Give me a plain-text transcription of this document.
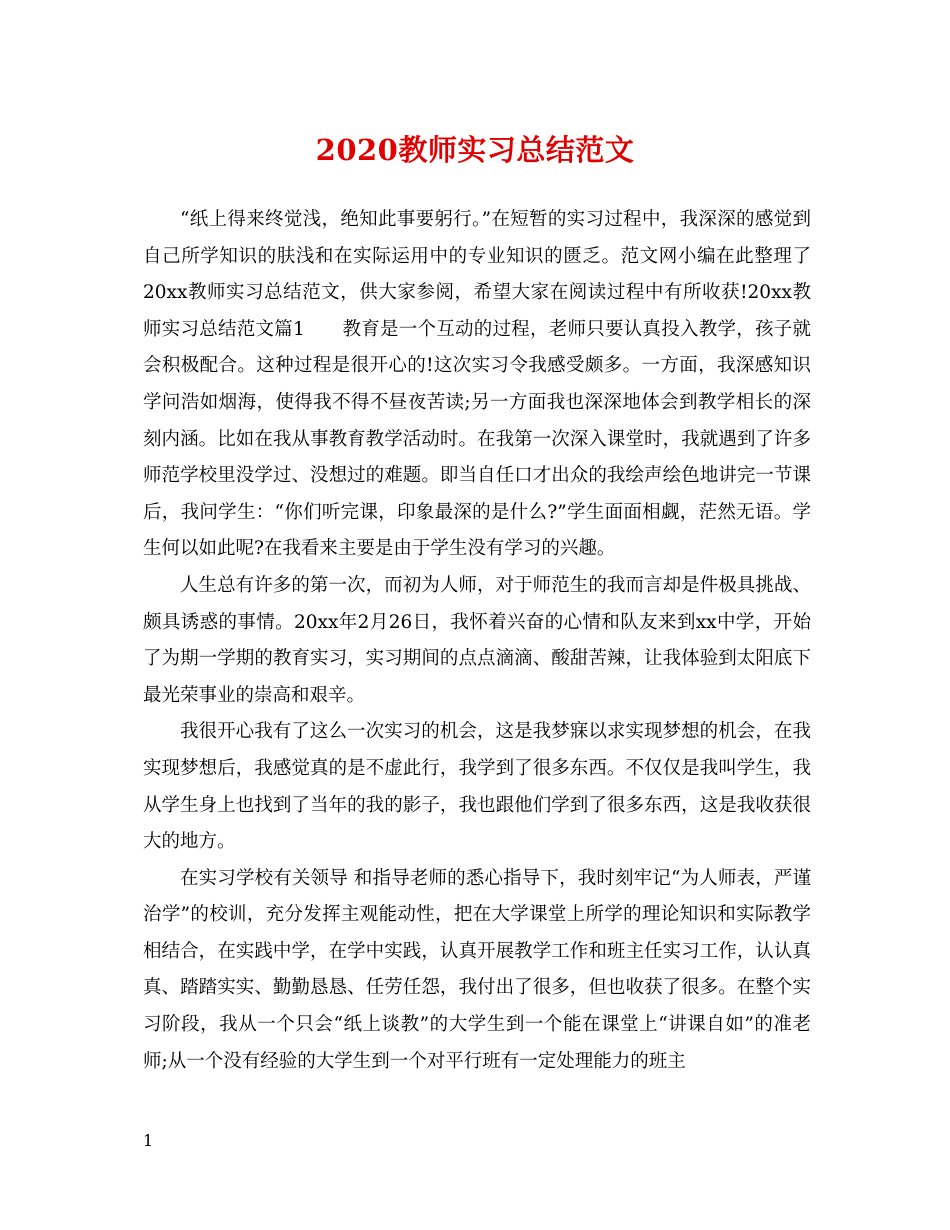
2020教师实习总结范文

“纸上得来终觉浅，绝知此事要躬行。”在短暂的实习过程中，我深深的感觉到自己所学知识的肤浅和在实际运用中的专业知识的匮乏。范文网小编在此整理了20xx教师实习总结范文，供大家参阅，希望大家在阅读过程中有所收获!20xx教师实习总结范文篇1　　教育是一个互动的过程，老师只要认真投入教学，孩子就会积极配合。这种过程是很开心的!这次实习令我感受颇多。一方面，我深感知识学问浩如烟海，使得我不得不昼夜苦读;另一方面我也深深地体会到教学相长的深刻内涵。比如在我从事教育教学活动时。在我第一次深入课堂时，我就遇到了许多师范学校里没学过、没想过的难题。即当自任口才出众的我绘声绘色地讲完一节课后，我问学生：“你们听完课，印象最深的是什么?”学生面面相觑，茫然无语。学生何以如此呢?在我看来主要是由于学生没有学习的兴趣。

人生总有许多的第一次，而初为人师，对于师范生的我而言却是件极具挑战、颇具诱惑的事情。20xx年2月26日，我怀着兴奋的心情和队友来到xx中学，开始了为期一学期的教育实习，实习期间的点点滴滴、酸甜苦辣，让我体验到太阳底下最光荣事业的崇高和艰辛。

我很开心我有了这么一次实习的机会，这是我梦寐以求实现梦想的机会，在我实现梦想后，我感觉真的是不虚此行，我学到了很多东西。不仅仅是我叫学生，我从学生身上也找到了当年的我的影子，我也跟他们学到了很多东西，这是我收获很大的地方。

在实习学校有关领导 和指导老师的悉心指导下，我时刻牢记“为人师表，严谨治学”的校训，充分发挥主观能动性，把在大学课堂上所学的理论知识和实际教学相结合，在实践中学，在学中实践，认真开展教学工作和班主任实习工作，认认真真、踏踏实实、勤勤恳恳、任劳任怨，我付出了很多，但也收获了很多。在整个实习阶段，我从一个只会“纸上谈教”的大学生到一个能在课堂上“讲课自如”的准老师;从一个没有经验的大学生到一个对平行班有一定处理能力的班主

1
